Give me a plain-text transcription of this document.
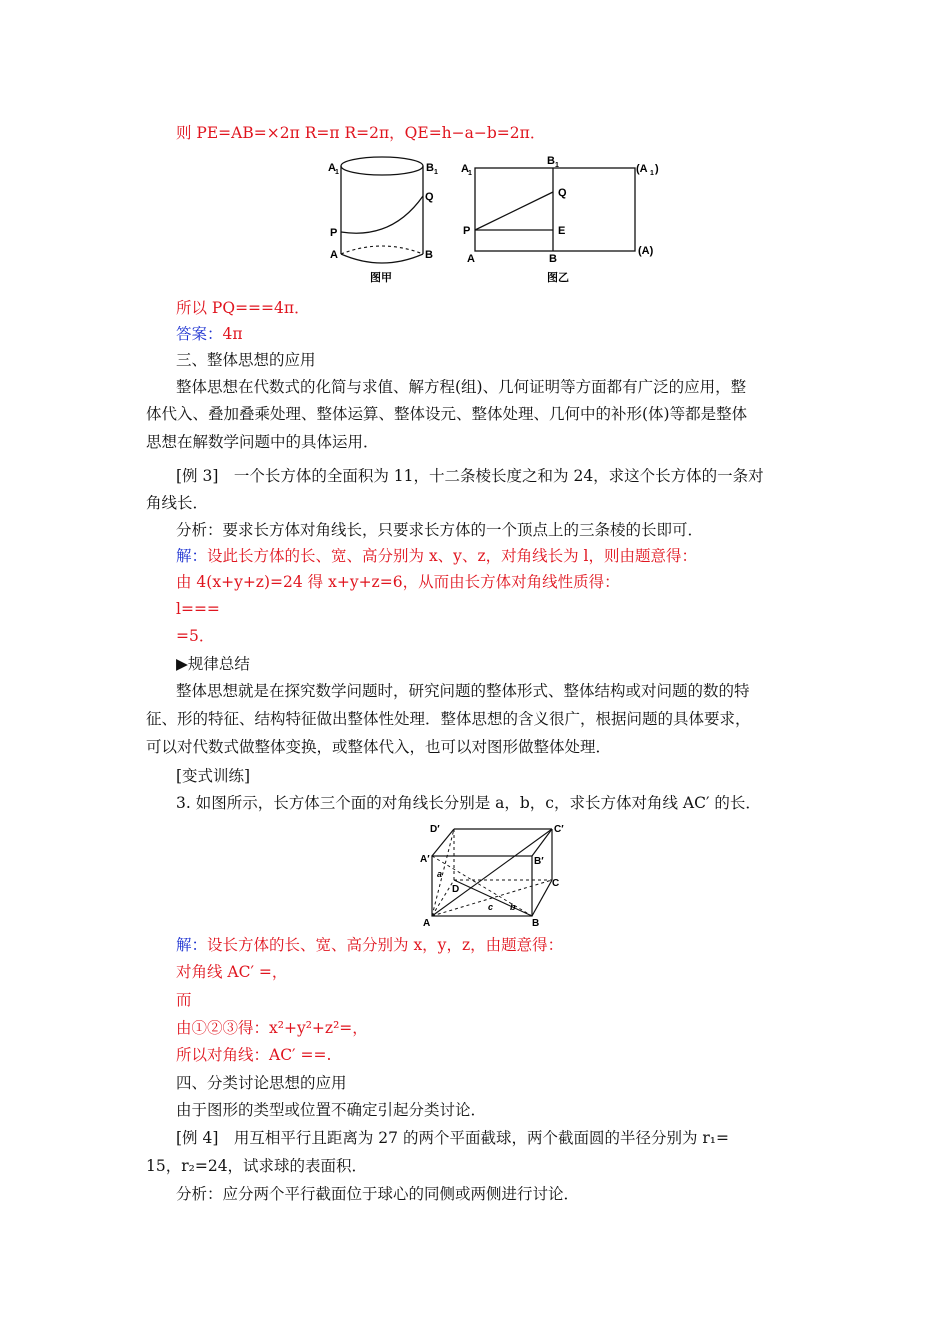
则 PE=AB=×2π R=π R=2π，QE=h−a−b=2π．
A 1	B 1
Q
P
A	B
图甲
A 1
B 1	(A 1 )
Q
P	E
(A)
A	B
图乙
所以 PQ===4π．
答案：4π
三、整体思想的应用
整体思想在代数式的化简与求值、解方程(组)、几何证明等方面都有广泛的应用，整
体代入、叠加叠乘处理、整体运算、整体设元、整体处理、几何中的补形(体)等都是整体
思想在解数学问题中的具体运用．
[例 3]　一个长方体的全面积为 11，十二条棱长度之和为 24，求这个长方体的一条对
角线长．
分析：要求长方体对角线长，只要求长方体的一个顶点上的三条棱的长即可．
解：设此长方体的长、宽、高分别为 x、y、z，对角线长为 l，则由题意得：
由 4(x+y+z)=24 得 x+y+z=6，从而由长方体对角线性质得：
l===
=5．
▶规律总结
整体思想就是在探究数学问题时，研究问题的整体形式、整体结构或对问题的数的特
征、形的特征、结构特征做出整体性处理．整体思想的含义很广，根据问题的具体要求，
可以对代数式做整体变换，或整体代入，也可以对图形做整体处理．
[变式训练]
3. 如图所示，长方体三个面的对角线长分别是 a，b，c，求长方体对角线 AC′ 的长．
D′	C′
A′	B′
a
D
C
c b
A	B
解：设长方体的长、宽、高分别为 x，y，z，由题意得：
对角线 AC′ =，
而
由①②③得：x²+y²+z²=，
所以对角线：AC′ ==.
四、分类讨论思想的应用
由于图形的类型或位置不确定引起分类讨论．
[例 4]　用互相平行且距离为 27 的两个平面截球，两个截面圆的半径分别为 r₁=
15，r₂=24，试求球的表面积．
分析：应分两个平行截面位于球心的同侧或两侧进行讨论．
